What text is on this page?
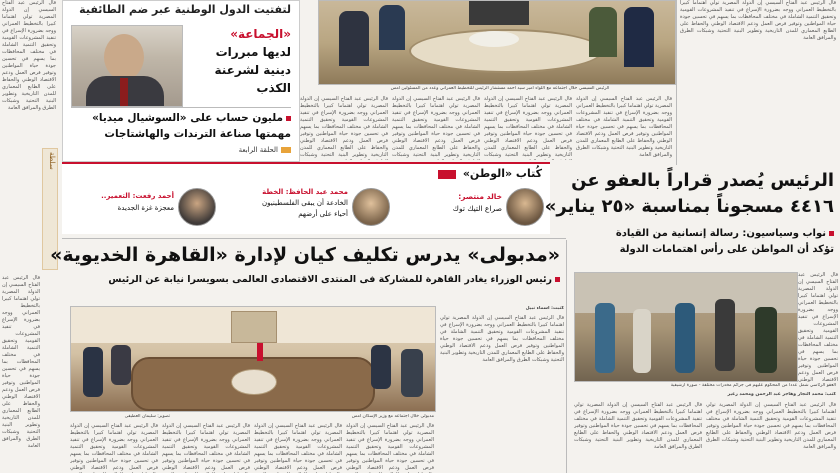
لتفتيت الدول الوطنية عبر ضم الطائفية
«الجماعة»
لديها مبررات
دينية لشرعنة
الكذب
مليون حساب على «السوشيال ميديا»
مهمتها صناعة الترندات والهاشتاجات
الحلقة الرابعة
قال الرئيس عبد الفتاح السيسي إن الدولة المصرية تولي اهتماما كبيرا بالتخطيط العمراني ووجه بضرورة الإسراع في تنفيذ المشروعات القومية وتحقيق التنمية الشاملة في مختلف المحافظات بما يسهم في تحسين جودة حياة المواطنين وتوفير فرص العمل ودعم الاقتصاد الوطني والحفاظ على الطابع المعماري للمدن التاريخية وتطوير البنية التحتية وشبكات الطرق والمرافق العامة
سلطة
قال الرئيس عبد الفتاح السيسي إن الدولة المصرية تولي اهتماما كبيرا بالتخطيط العمراني ووجه بضرورة الإسراع في تنفيذ المشروعات القومية وتحقيق التنمية الشاملة في مختلف المحافظات بما يسهم في تحسين جودة حياة المواطنين وتوفير فرص العمل ودعم الاقتصاد الوطني والحفاظ على الطابع المعماري للمدن التاريخية وتطوير البنية التحتية وشبكات الطرق والمرافق العامة
الرئيس السيسي خلال اجتماعه مع اللواء أمير سيد أحمد مستشار الرئيس للتخطيط العمراني وعدد من المسئولين أمس
قال الرئيس عبد الفتاح السيسي إن الدولة المصرية تولي اهتماما كبيرا بالتخطيط العمراني ووجه بضرورة الإسراع في تنفيذ المشروعات القومية وتحقيق التنمية الشاملة في مختلف المحافظات بما يسهم في تحسين جودة حياة المواطنين وتوفير فرص العمل ودعم الاقتصاد الوطني والحفاظ على الطابع المعماري للمدن التاريخية وتطوير البنية التحتية وشبكات
قال الرئيس عبد الفتاح السيسي إن الدولة المصرية تولي اهتماما كبيرا بالتخطيط العمراني ووجه بضرورة الإسراع في تنفيذ المشروعات القومية وتحقيق التنمية الشاملة في مختلف المحافظات بما يسهم في تحسين جودة حياة المواطنين وتوفير فرص العمل ودعم الاقتصاد الوطني والحفاظ على الطابع المعماري للمدن التاريخية وتطوير البنية التحتية وشبكات
قال الرئيس عبد الفتاح السيسي إن الدولة المصرية تولي اهتماما كبيرا بالتخطيط العمراني ووجه بضرورة الإسراع في تنفيذ المشروعات القومية وتحقيق التنمية الشاملة في مختلف المحافظات بما يسهم في تحسين جودة حياة المواطنين وتوفير فرص العمل ودعم الاقتصاد الوطني والحفاظ على الطابع المعماري للمدن التاريخية وتطوير البنية التحتية وشبكات
قال الرئيس عبد الفتاح السيسي إن الدولة المصرية تولي اهتماما كبيرا بالتخطيط العمراني ووجه بضرورة الإسراع في تنفيذ المشروعات القومية وتحقيق التنمية الشاملة في مختلف المحافظات بما يسهم في تحسين جودة حياة المواطنين وتوفير فرص العمل ودعم الاقتصاد الوطني والحفاظ على الطابع المعماري للمدن التاريخية وتطوير البنية التحتية وشبكات الطرق والمرافق العامة
قال الرئيس عبد الفتاح السيسي إن الدولة المصرية تولي اهتماما كبيرا بالتخطيط العمراني ووجه بضرورة الإسراع في تنفيذ المشروعات القومية وتحقيق التنمية الشاملة في مختلف المحافظات بما يسهم في تحسين جودة حياة المواطنين وتوفير فرص العمل ودعم الاقتصاد الوطني والحفاظ على الطابع المعماري للمدن التاريخية وتطوير البنية التحتية وشبكات الطرق والمرافق العامة
كُتاب «الوطن»
خالد منتصر:
صراع التيك توك
محمد عبد الحافظ: الخطة
الخادعة أن يبقى الفلسطينيون
أحياء على أرضهم
أحمد رفعت: التعمير..
معجزة غزة الجديدة
الرئيس يُصدر قراراً بالعفو عن
٤٤١٦ مسجوناً بمناسبة «٢٥ يناير»
نواب وسياسيون: رسالة إنسانية من القيادة
تؤكد أن المواطن على رأس اهتمامات الدولة
قال الرئيس عبد الفتاح السيسي إن الدولة المصرية تولي اهتماما كبيرا بالتخطيط العمراني ووجه بضرورة الإسراع في تنفيذ المشروعات القومية وتحقيق التنمية الشاملة في مختلف المحافظات بما يسهم في تحسين جودة حياة المواطنين وتوفير فرص العمل ودعم الاقتصاد الوطني
العفو الرئاسي شمل عددا من المحكوم عليهم فى جرائم مخدرات مختلفة - صورة أرشيفية
كتب: محمد النجار وهاجر عبد الرحمن ومحمد زعير
قال الرئيس عبد الفتاح السيسي إن الدولة المصرية تولي اهتماما كبيرا بالتخطيط العمراني ووجه بضرورة الإسراع في تنفيذ المشروعات القومية وتحقيق التنمية الشاملة في مختلف المحافظات بما يسهم في تحسين جودة حياة المواطنين وتوفير فرص العمل ودعم الاقتصاد الوطني والحفاظ على الطابع المعماري للمدن التاريخية وتطوير البنية التحتية وشبكات الطرق والمرافق العامة
قال الرئيس عبد الفتاح السيسي إن الدولة المصرية تولي اهتماما كبيرا بالتخطيط العمراني ووجه بضرورة الإسراع في تنفيذ المشروعات القومية وتحقيق التنمية الشاملة في مختلف المحافظات بما يسهم في تحسين جودة حياة المواطنين وتوفير فرص العمل ودعم الاقتصاد الوطني والحفاظ على الطابع المعماري للمدن التاريخية وتطوير البنية التحتية وشبكات الطرق والمرافق العامة
«مدبولى» يدرس تكليف كيان لإدارة «القاهرة الخديوية»
رئيس الوزراء يغادر القاهرة للمشاركة فى المنتدى الاقتصادى العالمى بسويسرا نيابة عن الرئيس
تصوير: سليمان العطيفى	مدبولى خلال اجتماعه مع وزير الإسكان أمس
كتبت: أسماء نبيل
قال الرئيس عبد الفتاح السيسي إن الدولة المصرية تولي اهتماما كبيرا بالتخطيط العمراني ووجه بضرورة الإسراع في تنفيذ المشروعات القومية وتحقيق التنمية الشاملة في مختلف المحافظات بما يسهم في تحسين جودة حياة المواطنين وتوفير فرص العمل ودعم الاقتصاد الوطني والحفاظ على الطابع المعماري للمدن التاريخية وتطوير البنية التحتية وشبكات الطرق والمرافق العامة
قال الرئيس عبد الفتاح السيسي إن الدولة المصرية تولي اهتماما كبيرا بالتخطيط العمراني ووجه بضرورة الإسراع في تنفيذ المشروعات القومية وتحقيق التنمية الشاملة في مختلف المحافظات بما يسهم في تحسين جودة حياة المواطنين وتوفير فرص العمل ودعم الاقتصاد الوطني
قال الرئيس عبد الفتاح السيسي إن الدولة المصرية تولي اهتماما كبيرا بالتخطيط العمراني ووجه بضرورة الإسراع في تنفيذ المشروعات القومية وتحقيق التنمية الشاملة في مختلف المحافظات بما يسهم في تحسين جودة حياة المواطنين وتوفير فرص العمل ودعم الاقتصاد الوطني
قال الرئيس عبد الفتاح السيسي إن الدولة المصرية تولي اهتماما كبيرا بالتخطيط العمراني ووجه بضرورة الإسراع في تنفيذ المشروعات القومية وتحقيق التنمية الشاملة في مختلف المحافظات بما يسهم في تحسين جودة حياة المواطنين وتوفير فرص العمل ودعم الاقتصاد الوطني
قال الرئيس عبد الفتاح السيسي إن الدولة المصرية تولي اهتماما كبيرا بالتخطيط العمراني ووجه بضرورة الإسراع في تنفيذ المشروعات القومية وتحقيق التنمية الشاملة في مختلف المحافظات بما يسهم في تحسين جودة حياة المواطنين وتوفير فرص العمل ودعم الاقتصاد الوطني
